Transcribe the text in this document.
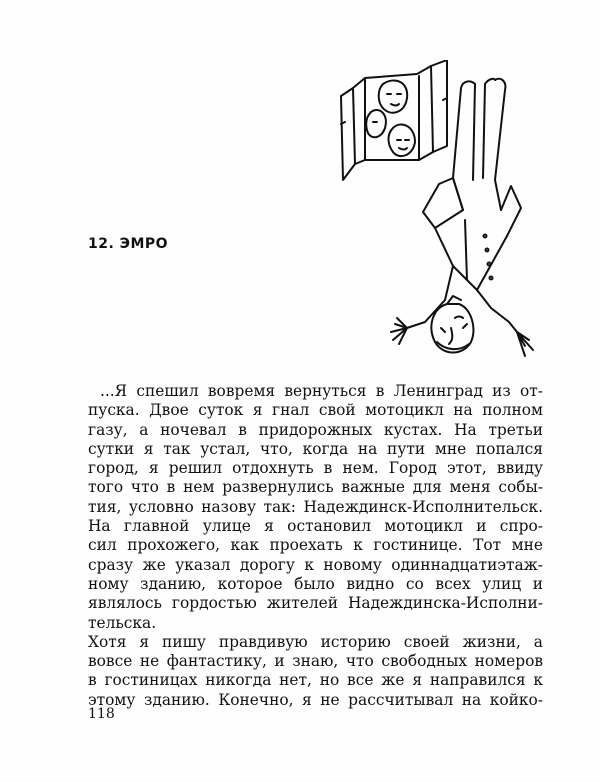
12. ЭМРО
...Я спешил вовремя вернуться в Ленинград из от-
пуска. Двое суток я гнал свой мотоцикл на полном
газу, а ночевал в придорожных кустах. На третьи
сутки я так устал, что, когда на пути мне попался
город, я решил отдохнуть в нем. Город этот, ввиду
того что в нем развернулись важные для меня собы-
тия, условно назову так: Надеждинск-Исполнительск.
На главной улице я остановил мотоцикл и спро-
сил прохожего, как проехать к гостинице. Тот мне
сразу же указал дорогу к новому одиннадцатиэтаж-
ному зданию, которое было видно со всех улиц и
являлось гордостью жителей Надеждинска-Исполни-
тельска.
Хотя я пишу правдивую историю своей жизни, а
вовсе не фантастику, и знаю, что свободных номеров
в гостиницах никогда нет, но все же я направился к
этому зданию. Конечно, я не рассчитывал на койко-
118
